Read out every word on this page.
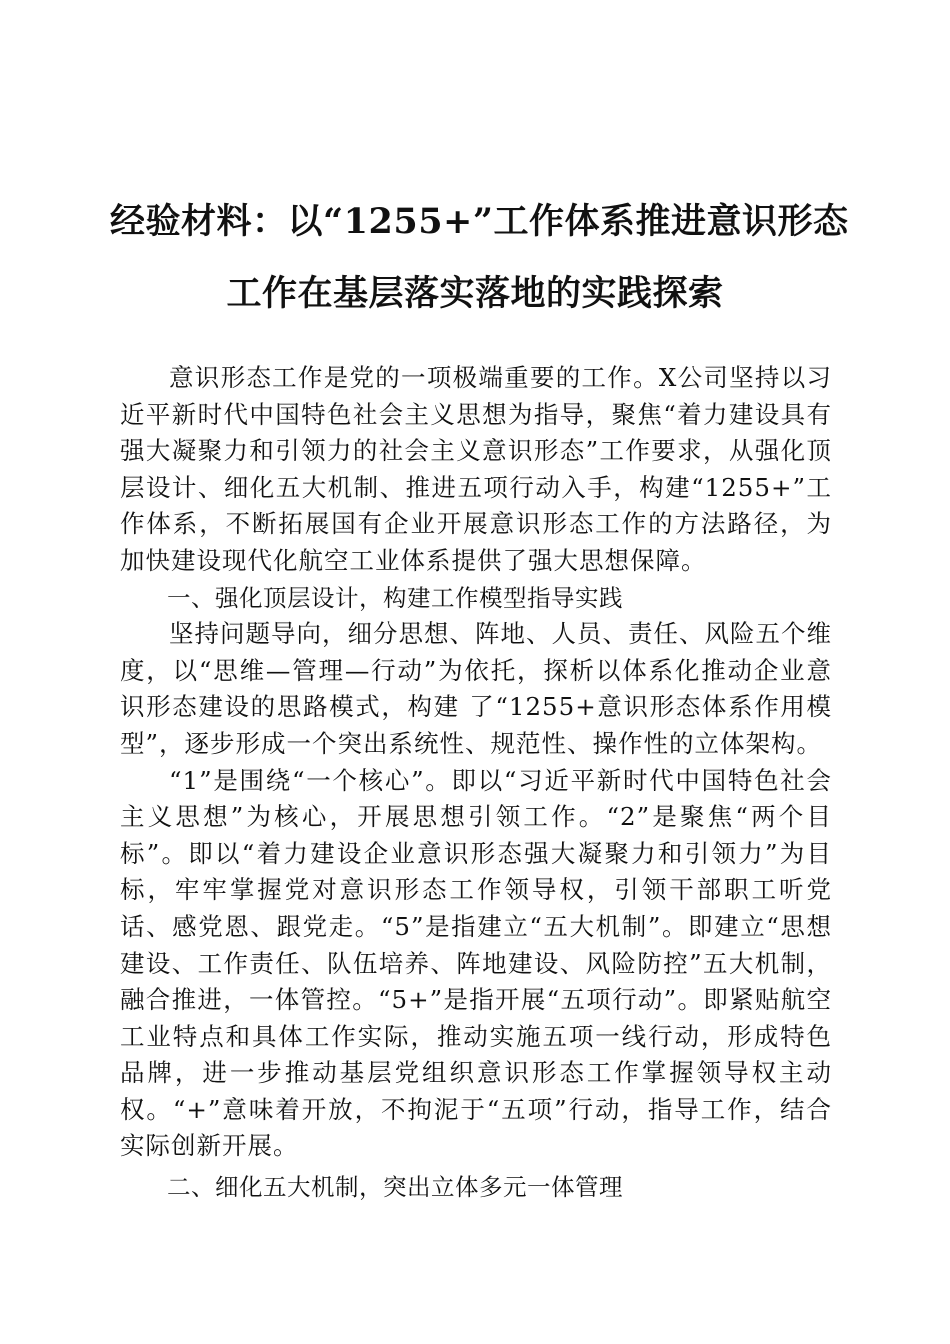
经验材料：以“1255+”工作体系推进意识形态
工作在基层落实落地的实践探索

意识形态工作是党的一项极端重要的工作。X公司坚持以习近平新时代中国特色社会主义思想为指导，聚焦“着力建设具有强大凝聚力和引领力的社会主义意识形态”工作要求，从强化顶层设计、细化五大机制、推进五项行动入手，构建“1255+”工作体系，不断拓展国有企业开展意识形态工作的方法路径，为加快建设现代化航空工业体系提供了强大思想保障。

一、强化顶层设计，构建工作模型指导实践

坚持问题导向，细分思想、阵地、人员、责任、风险五个维度，以“思维—管理—行动”为依托，探析以体系化推动企业意识形态建设的思路模式，构建 了“1255+意识形态体系作用模型”，逐步形成一个突出系统性、规范性、操作性的立体架构。

“1”是围绕“一个核心”。即以“习近平新时代中国特色社会主义思想”为核心，开展思想引领工作。“2”是聚焦“两个目标”。即以“着力建设企业意识形态强大凝聚力和引领力”为目标，牢牢掌握党对意识形态工作领导权，引领干部职工听党话、感党恩、跟党走。“5”是指建立“五大机制”。即建立“思想建设、工作责任、队伍培养、阵地建设、风险防控”五大机制，融合推进，一体管控。“5+”是指开展“五项行动”。即紧贴航空工业特点和具体工作实际，推动实施五项一线行动，形成特色品牌，进一步推动基层党组织意识形态工作掌握领导权主动权。“+”意味着开放，不拘泥于“五项”行动，指导工作，结合实际创新开展。

二、细化五大机制，突出立体多元一体管理
